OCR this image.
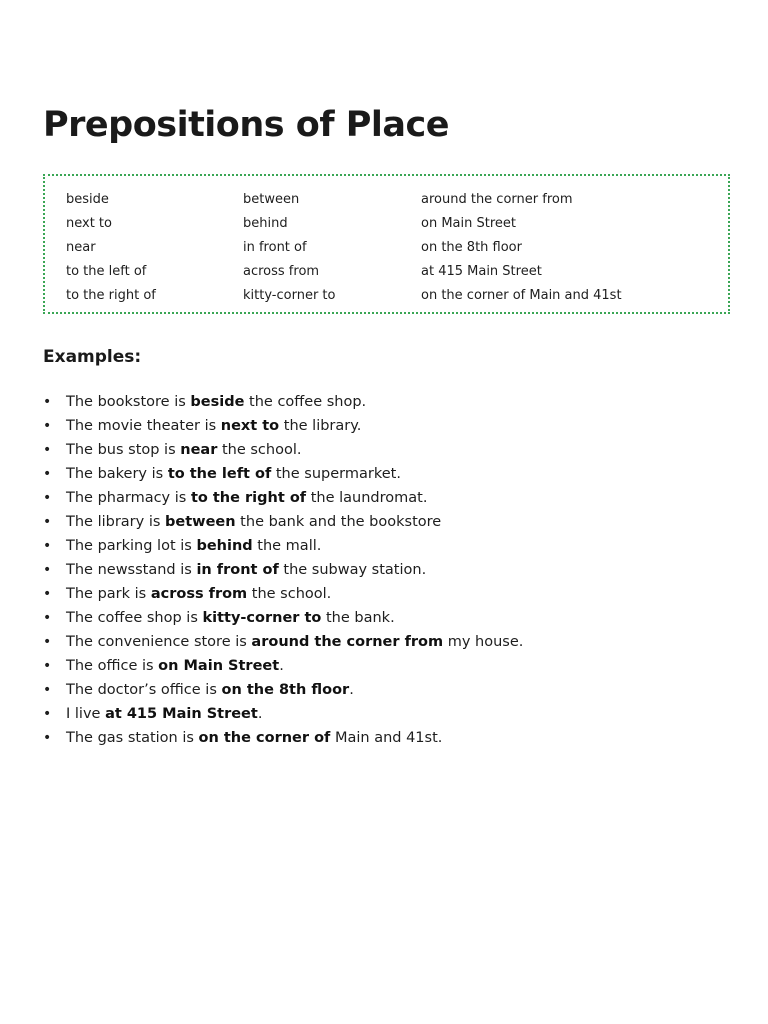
Prepositions of Place
beside
next to
near
to the left of
to the right of
between
behind
in front of
across from
kitty-corner to
around the corner from
on Main Street
on the 8th floor
at 415 Main Street
on the corner of Main and 41st
Examples:
• The bookstore is beside the coffee shop.
• The movie theater is next to the library.
• The bus stop is near the school.
• The bakery is to the left of the supermarket.
• The pharmacy is to the right of the laundromat.
• The library is between the bank and the bookstore
• The parking lot is behind the mall.
• The newsstand is in front of the subway station.
• The park is across from the school.
• The coffee shop is kitty-corner to the bank.
• The convenience store is around the corner from my house.
• The office is on Main Street.
• The doctor’s office is on the 8th floor.
• I live at 415 Main Street.
• The gas station is on the corner of Main and 41st.
